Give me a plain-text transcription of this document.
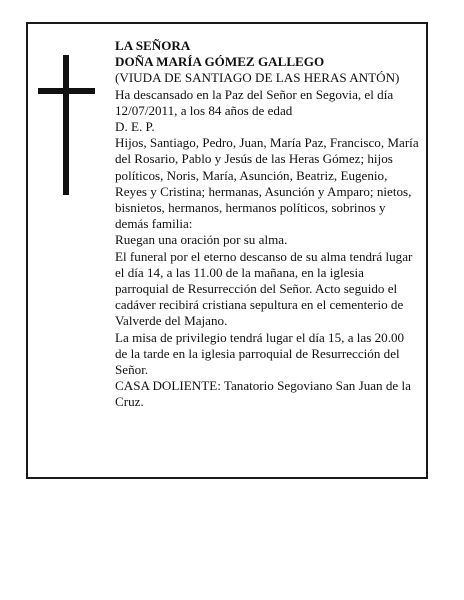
LA SEÑORA

DOÑA MARÍA GÓMEZ GALLEGO

(VIUDA DE SANTIAGO DE LAS HERAS ANTÓN)

Ha descansado en la Paz del Señor en Segovia, el día 12/07/2011, a los 84 años de edad

D. E. P.

Hijos, Santiago, Pedro, Juan, María Paz, Francisco, María del Rosario, Pablo y Jesús de las Heras Gómez; hijos políticos, Noris, María, Asunción, Beatriz, Eugenio, Reyes y Cristina; hermanas, Asunción y Amparo; nietos, bisnietos, hermanos, hermanos políticos, sobrinos y demás familia:

Ruegan una oración por su alma.

El funeral por el eterno descanso de su alma tendrá lugar el día 14, a las 11.00 de la mañana, en la iglesia parroquial de Resurrección del Señor. Acto seguido el cadáver recibirá cristiana sepultura en el cementerio de Valverde del Majano.

La misa de privilegio tendrá lugar el día 15, a las 20.00 de la tarde en la iglesia parroquial de Resurrección del Señor.

CASA DOLIENTE: Tanatorio Segoviano San Juan de la Cruz.
